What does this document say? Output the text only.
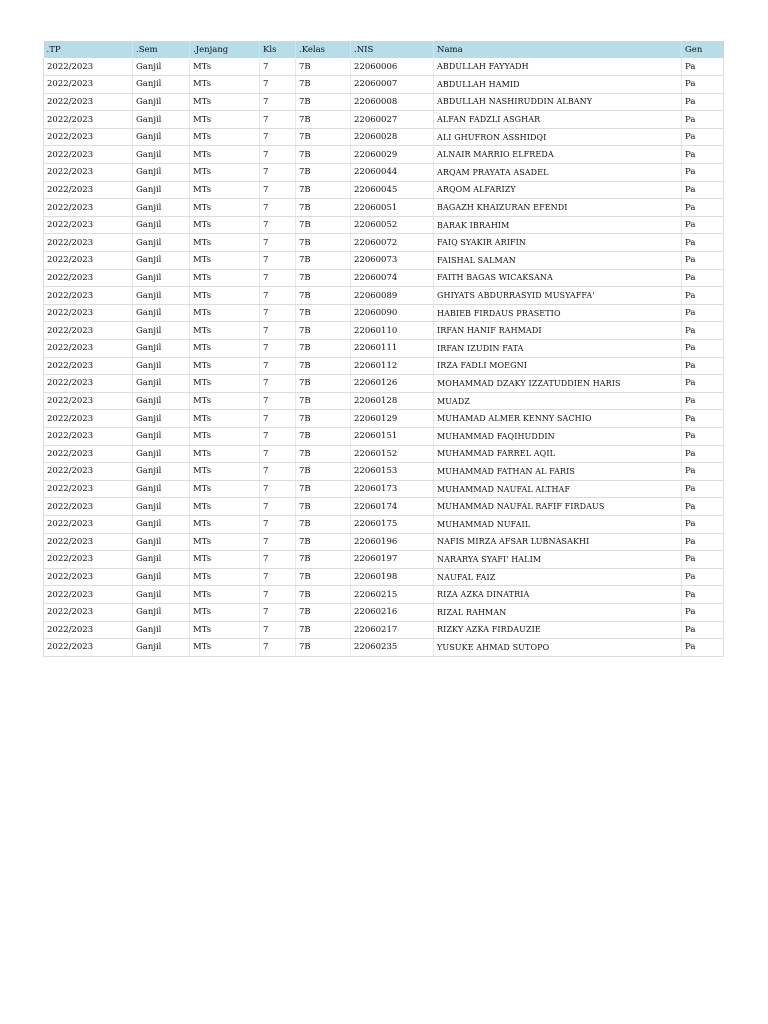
.TP	.Sem	.Jenjang	Kls	.Kelas	.NIS	Nama	Gen
2022/2023	Ganjil	MTs	7	7B	22060006	ABDULLAH FAYYADH	Pa
2022/2023	Ganjil	MTs	7	7B	22060007	ABDULLAH HAMID	Pa
2022/2023	Ganjil	MTs	7	7B	22060008	ABDULLAH NASHIRUDDIN ALBANY	Pa
2022/2023	Ganjil	MTs	7	7B	22060027	ALFAN FADZLI ASGHAR	Pa
2022/2023	Ganjil	MTs	7	7B	22060028	ALI GHUFRON ASSHIDQI	Pa
2022/2023	Ganjil	MTs	7	7B	22060029	ALNAIR MARRIO ELFREDA	Pa
2022/2023	Ganjil	MTs	7	7B	22060044	ARQAM PRAYATA ASADEL	Pa
2022/2023	Ganjil	MTs	7	7B	22060045	ARQOM ALFARIZY	Pa
2022/2023	Ganjil	MTs	7	7B	22060051	BAGAZH KHAIZURAN EFENDI	Pa
2022/2023	Ganjil	MTs	7	7B	22060052	BARAK IBRAHIM	Pa
2022/2023	Ganjil	MTs	7	7B	22060072	FAIQ SYAKIR ARIFIN	Pa
2022/2023	Ganjil	MTs	7	7B	22060073	FAISHAL SALMAN	Pa
2022/2023	Ganjil	MTs	7	7B	22060074	FAITH BAGAS WICAKSANA	Pa
2022/2023	Ganjil	MTs	7	7B	22060089	GHIYATS ABDURRASYID MUSYAFFA'	Pa
2022/2023	Ganjil	MTs	7	7B	22060090	HABIEB FIRDAUS PRASETIO	Pa
2022/2023	Ganjil	MTs	7	7B	22060110	IRFAN HANIF RAHMADI	Pa
2022/2023	Ganjil	MTs	7	7B	22060111	IRFAN IZUDIN FATA	Pa
2022/2023	Ganjil	MTs	7	7B	22060112	IRZA FADLI MOEGNI	Pa
2022/2023	Ganjil	MTs	7	7B	22060126	MOHAMMAD DZAKY IZZATUDDIEN HARIS	Pa
2022/2023	Ganjil	MTs	7	7B	22060128	MUADZ	Pa
2022/2023	Ganjil	MTs	7	7B	22060129	MUHAMAD ALMER KENNY SACHIO	Pa
2022/2023	Ganjil	MTs	7	7B	22060151	MUHAMMAD FAQIHUDDIN	Pa
2022/2023	Ganjil	MTs	7	7B	22060152	MUHAMMAD FARREL AQIL	Pa
2022/2023	Ganjil	MTs	7	7B	22060153	MUHAMMAD FATHAN AL FARIS	Pa
2022/2023	Ganjil	MTs	7	7B	22060173	MUHAMMAD NAUFAL ALTHAF	Pa
2022/2023	Ganjil	MTs	7	7B	22060174	MUHAMMAD NAUFAL RAFIF FIRDAUS	Pa
2022/2023	Ganjil	MTs	7	7B	22060175	MUHAMMAD NUFAIL	Pa
2022/2023	Ganjil	MTs	7	7B	22060196	NAFIS MIRZA AFSAR LUBNASAKHI	Pa
2022/2023	Ganjil	MTs	7	7B	22060197	NARARYA SYAFI' HALIM	Pa
2022/2023	Ganjil	MTs	7	7B	22060198	NAUFAL FAIZ	Pa
2022/2023	Ganjil	MTs	7	7B	22060215	RIZA AZKA DINATRIA	Pa
2022/2023	Ganjil	MTs	7	7B	22060216	RIZAL RAHMAN	Pa
2022/2023	Ganjil	MTs	7	7B	22060217	RIZKY AZKA FIRDAUZIE	Pa
2022/2023	Ganjil	MTs	7	7B	22060235	YUSUKE AHMAD SUTOPO	Pa
